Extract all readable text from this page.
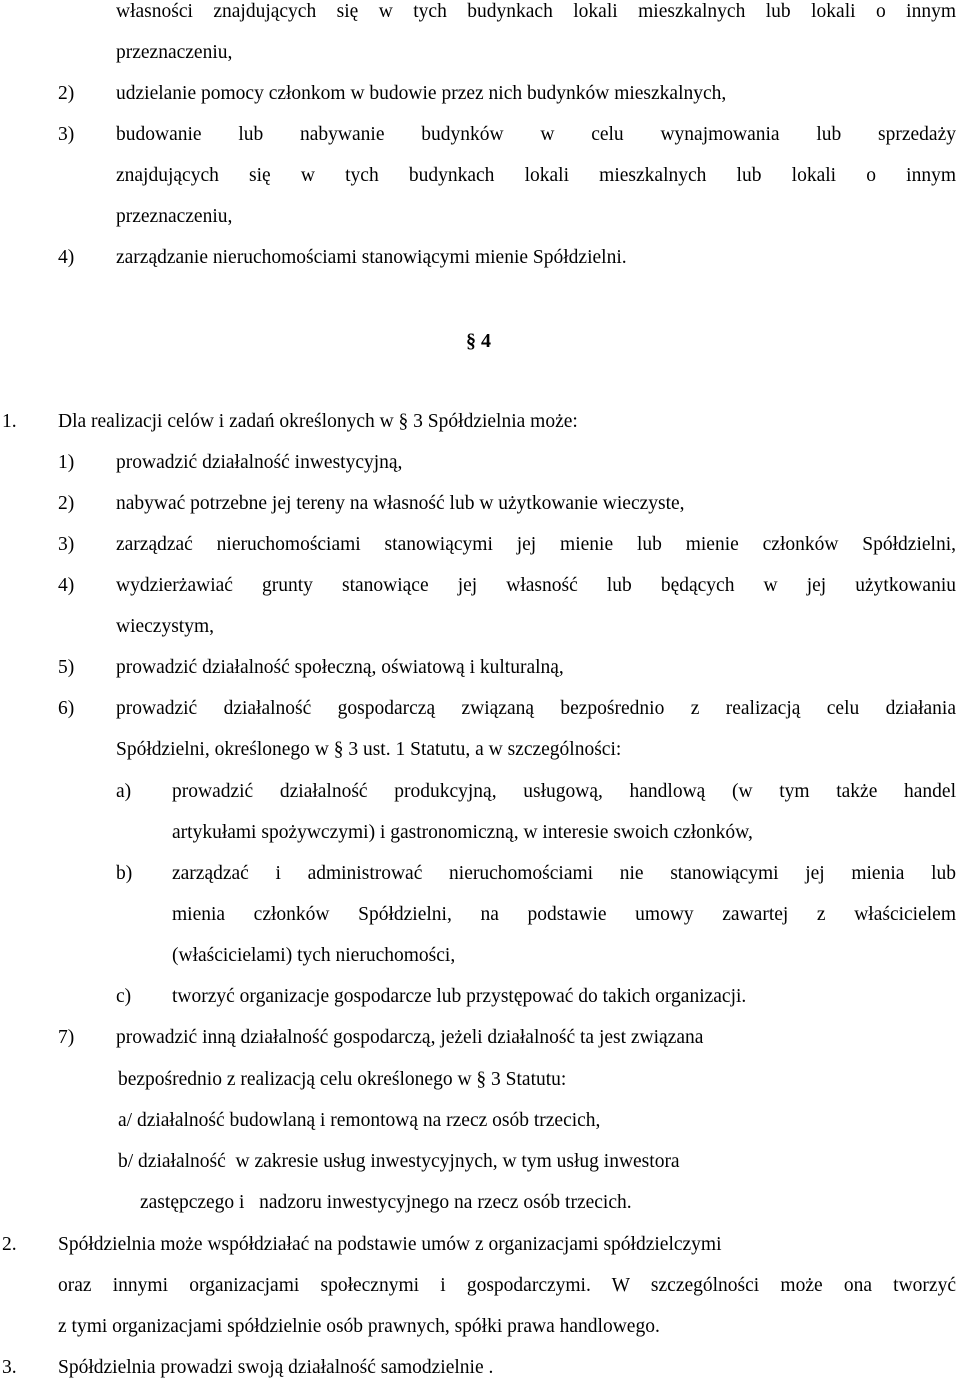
własności znajdujących się w tych budynkach lokali mieszkalnych lub lokali o innym
przeznaczeniu,
2) udzielanie pomocy członkom w budowie przez nich budynków mieszkalnych,
3) budowanie lub nabywanie budynków w celu wynajmowania lub sprzedaży
znajdujących się w tych budynkach lokali mieszkalnych lub lokali o innym
przeznaczeniu,
4) zarządzanie nieruchomościami stanowiącymi mienie Spółdzielni.
§ 4
1. Dla realizacji celów i zadań określonych w § 3 Spółdzielnia może:
1) prowadzić działalność inwestycyjną,
2) nabywać potrzebne jej tereny na własność lub w użytkowanie wieczyste,
3) zarządzać nieruchomościami stanowiącymi jej mienie lub mienie członków Spółdzielni,
4) wydzierżawiać grunty stanowiące jej własność lub będących w jej użytkowaniu
wieczystym,
5) prowadzić działalność społeczną, oświatową i kulturalną,
6) prowadzić działalność gospodarczą związaną bezpośrednio z realizacją celu działania
Spółdzielni, określonego w § 3 ust. 1 Statutu, a w szczególności:
a) prowadzić działalność produkcyjną, usługową, handlową (w tym także handel
artykułami spożywczymi) i gastronomiczną, w interesie swoich członków,
b) zarządzać i administrować nieruchomościami nie stanowiącymi jej mienia lub
mienia członków Spółdzielni, na podstawie umowy zawartej z właścicielem
(właścicielami) tych nieruchomości,
c) tworzyć organizacje gospodarcze lub przystępować do takich organizacji.
7) prowadzić inną działalność gospodarczą, jeżeli działalność ta jest związana
bezpośrednio z realizacją celu określonego w § 3 Statutu:
a/ działalność budowlaną i remontową na rzecz osób trzecich,
b/ działalność  w zakresie usług inwestycyjnych, w tym usług inwestora
zastępczego i   nadzoru inwestycyjnego na rzecz osób trzecich.
2. Spółdzielnia może współdziałać na podstawie umów z organizacjami spółdzielczymi
oraz innymi organizacjami społecznymi i gospodarczymi. W szczególności może ona tworzyć
z tymi organizacjami spółdzielnie osób prawnych, spółki prawa handlowego.
3. Spółdzielnia prowadzi swoją działalność samodzielnie .
